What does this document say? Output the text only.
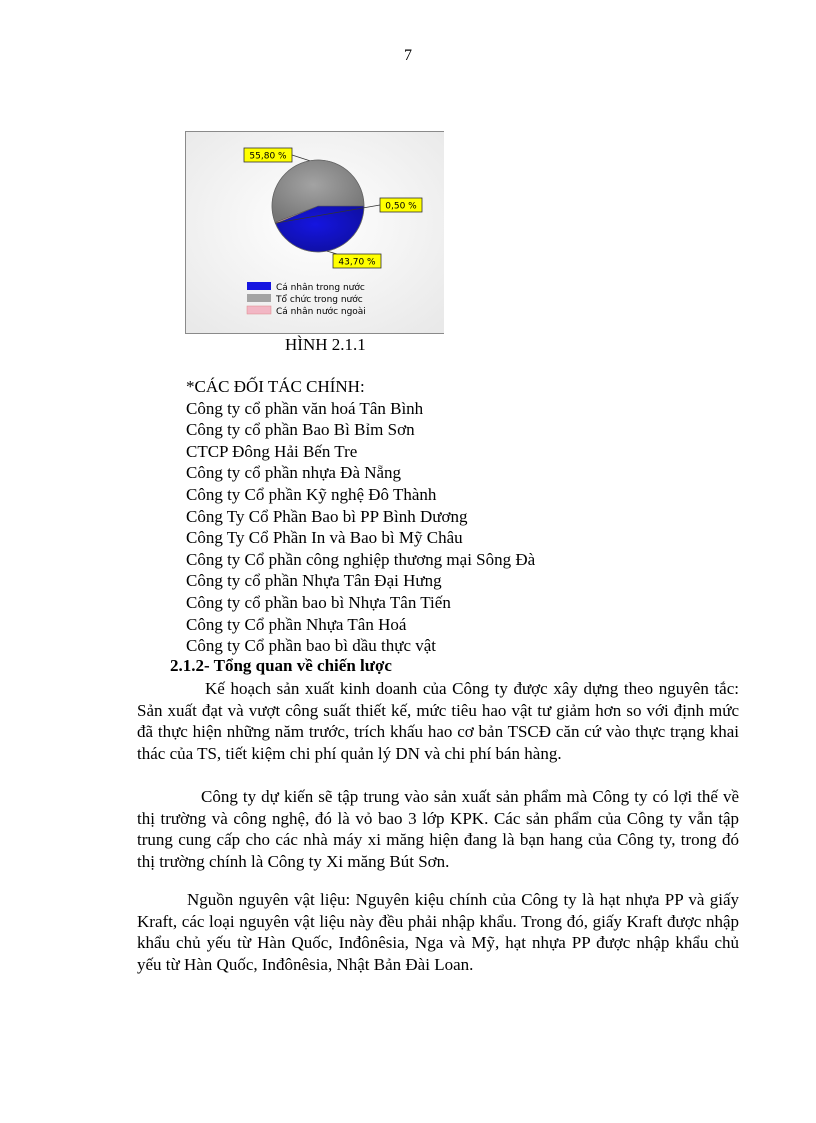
7
55,80 %
0,50 %
43,70 %
Cá nhân trong nước
Tổ chức trong nước
Cá nhân nước ngoài
HÌNH 2.1.1
*CÁC ĐỐI TÁC CHÍNH:
Công ty cổ phần văn hoá Tân Bình
Công ty cổ phần Bao Bì Bỉm Sơn
CTCP Đông Hải Bến Tre
Công ty cổ phần nhựa Đà Nẵng
Công ty Cổ phần Kỹ nghệ Đô Thành
Công Ty Cổ Phần Bao bì PP Bình Dương
Công Ty Cổ Phần In và Bao bì Mỹ Châu
Công ty Cổ phần công nghiệp thương mại Sông Đà
Công ty cổ phần Nhựa Tân Đại Hưng
Công ty cổ phần bao bì Nhựa Tân Tiến
Công ty Cổ phần Nhựa Tân Hoá
Công ty Cổ phần bao bì dầu thực vật
2.1.2- Tổng quan về chiến lược
Kế hoạch sản xuất kinh doanh của Công ty được xây dựng theo nguyên tắc: Sản xuất đạt và vượt công suất thiết kế, mức tiêu hao vật tư giảm hơn so với định mức đã thực hiện những năm trước, trích khấu hao cơ bản TSCĐ căn cứ vào thực trạng khai thác của TS, tiết kiệm chi phí quản lý DN và chi phí bán hàng.
Công ty dự kiến sẽ tập trung vào sản xuất sản phẩm mà Công ty có lợi thế về thị trường và công nghệ, đó là vỏ bao 3 lớp KPK. Các sản phẩm của Công ty vẫn tập trung cung cấp cho các nhà máy xi măng hiện đang là bạn hang của Công ty, trong đó thị trường chính là Công ty Xi măng Bút Sơn.
Nguồn nguyên vật liệu: Nguyên kiệu chính của Công ty là hạt nhựa PP và giấy Kraft, các loại nguyên vật liệu này đều phải nhập khẩu. Trong đó, giấy Kraft được nhập khẩu chủ yếu từ Hàn Quốc, Inđônêsia, Nga và Mỹ, hạt nhựa PP được nhập khẩu chủ yếu từ Hàn Quốc, Inđônêsia, Nhật Bản Đài Loan.
